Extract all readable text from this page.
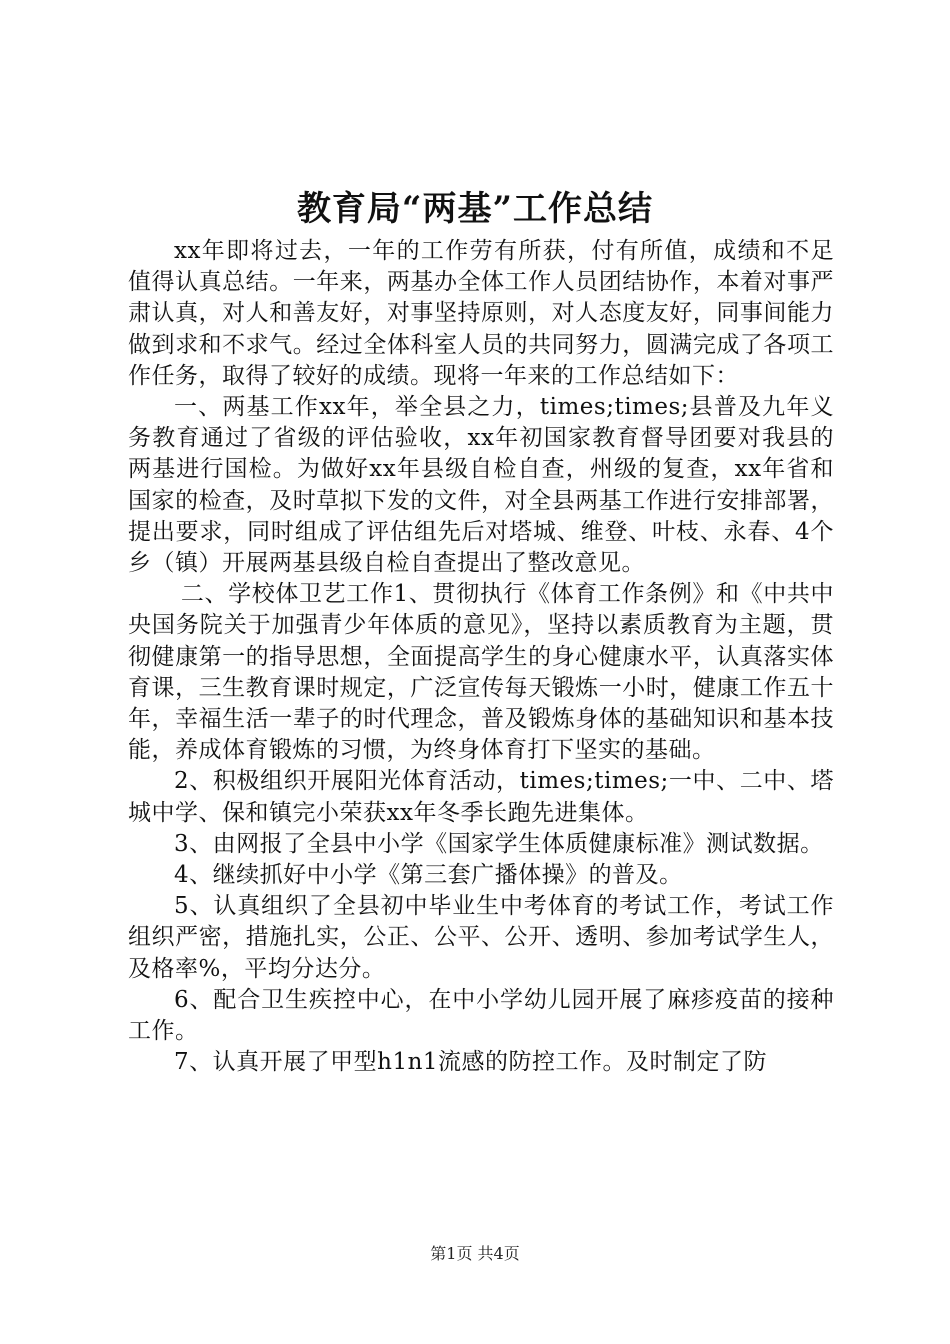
教育局“两基”工作总结

xx年即将过去，一年的工作劳有所获，付有所值，成绩和不足值得认真总结。一年来，两基办全体工作人员团结协作，本着对事严肃认真，对人和善友好，对事坚持原则，对人态度友好，同事间能力做到求和不求气。经过全体科室人员的共同努力，圆满完成了各项工作任务，取得了较好的成绩。现将一年来的工作总结如下：

一、两基工作xx年，举全县之力，times;times;县普及九年义务教育通过了省级的评估验收，xx年初国家教育督导团要对我县的两基进行国检。为做好xx年县级自检自查，州级的复查，xx年省和国家的检查，及时草拟下发的文件，对全县两基工作进行安排部署，提出要求，同时组成了评估组先后对塔城、维登、叶枝、永春、4个乡（镇）开展两基县级自检自查提出了整改意见。

二、学校体卫艺工作1、贯彻执行《体育工作条例》和《中共中央国务院关于加强青少年体质的意见》，坚持以素质教育为主题，贯彻健康第一的指导思想，全面提高学生的身心健康水平，认真落实体育课，三生教育课时规定，广泛宣传每天锻炼一小时，健康工作五十年，幸福生活一辈子的时代理念，普及锻炼身体的基础知识和基本技能，养成体育锻炼的习惯，为终身体育打下坚实的基础。

2、积极组织开展阳光体育活动，times;times;一中、二中、塔城中学、保和镇完小荣获xx年冬季长跑先进集体。

3、由网报了全县中小学《国家学生体质健康标准》测试数据。

4、继续抓好中小学《第三套广播体操》的普及。

5、认真组织了全县初中毕业生中考体育的考试工作，考试工作组织严密，措施扎实，公正、公平、公开、透明、参加考试学生人，及格率%，平均分达分。

6、配合卫生疾控中心，在中小学幼儿园开展了麻疹疫苗的接种工作。

7、认真开展了甲型h1n1流感的防控工作。及时制定了防

第1页 共4页
